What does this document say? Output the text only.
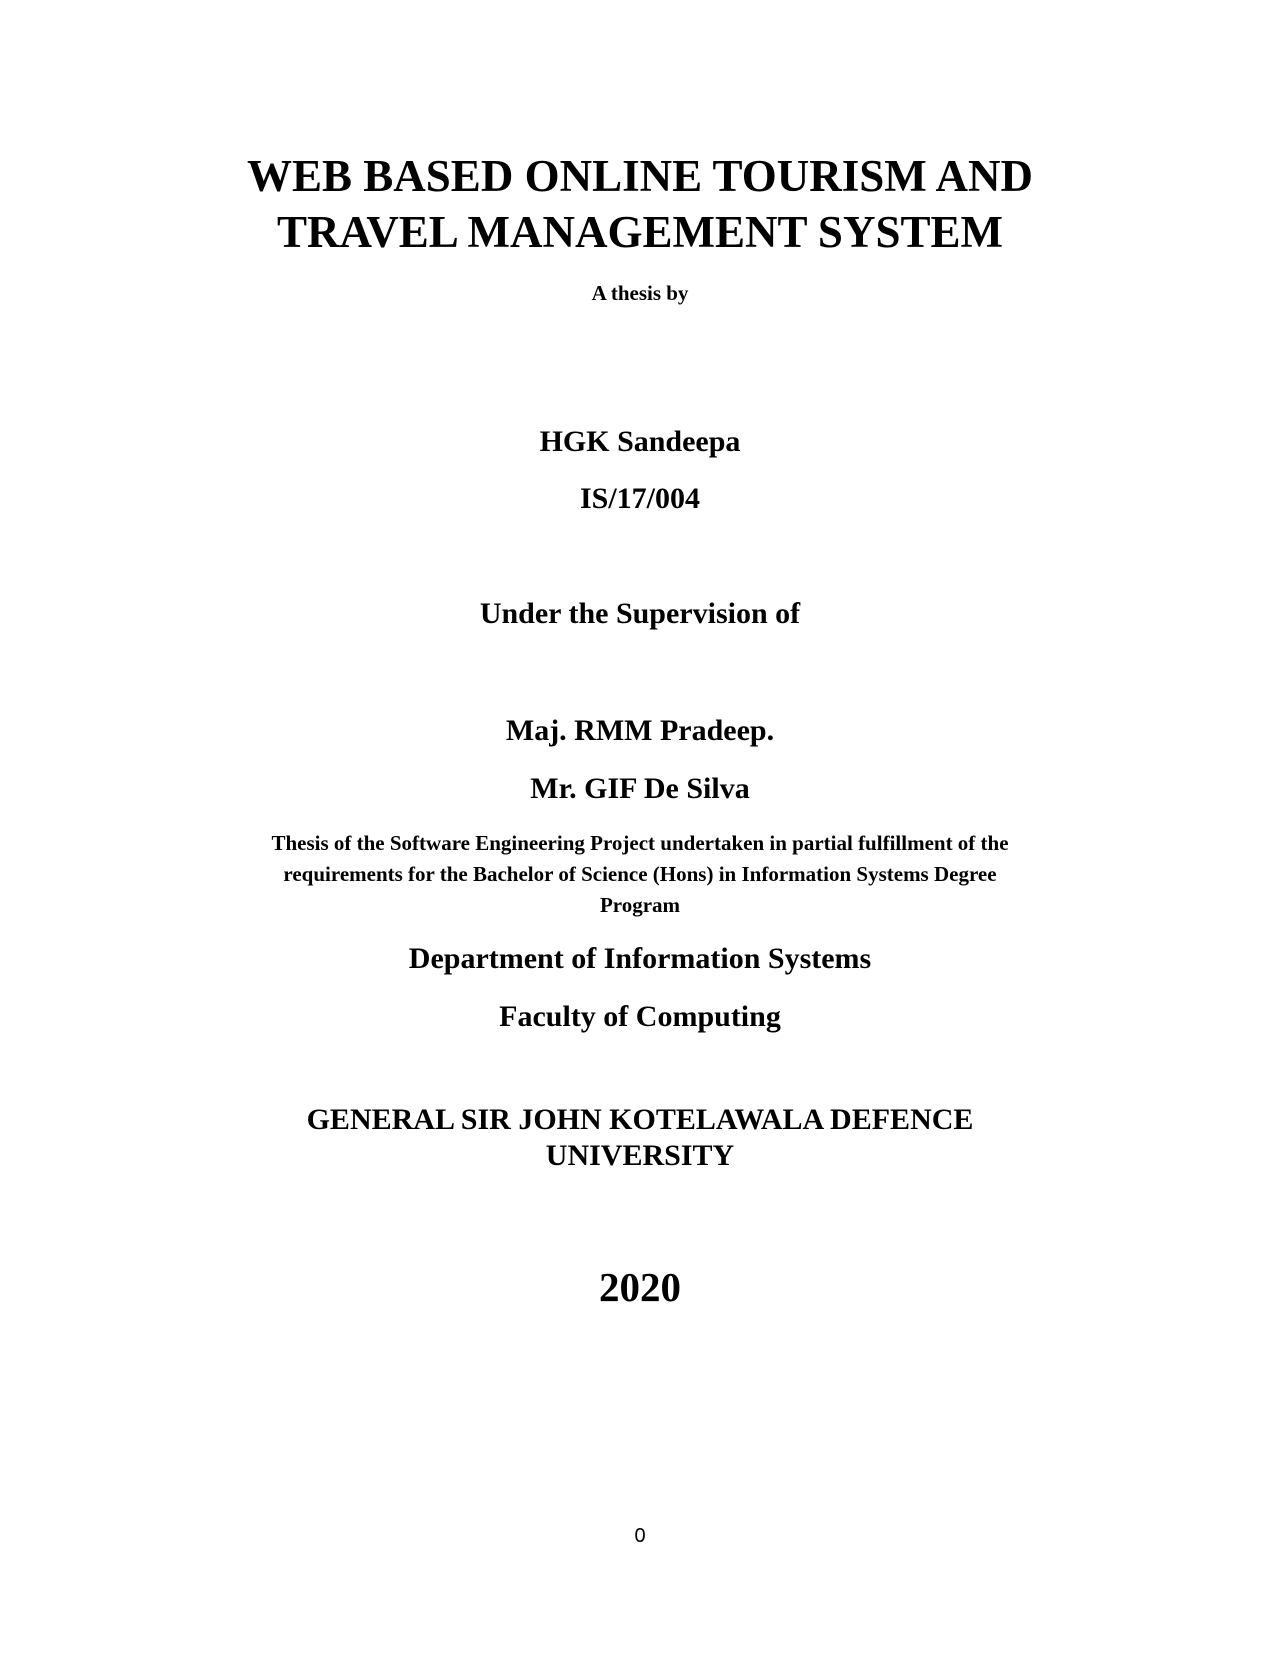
WEB BASED ONLINE TOURISM AND
TRAVEL MANAGEMENT SYSTEM
A thesis by
HGK Sandeepa
IS/17/004
Under the Supervision of
Maj. RMM Pradeep.
Mr. GIF De Silva
Thesis of the Software Engineering Project undertaken in partial fulfillment of the
requirements for the Bachelor of Science (Hons) in Information Systems Degree
Program
Department of Information Systems
Faculty of Computing
GENERAL SIR JOHN KOTELAWALA DEFENCE
UNIVERSITY
2020
0
